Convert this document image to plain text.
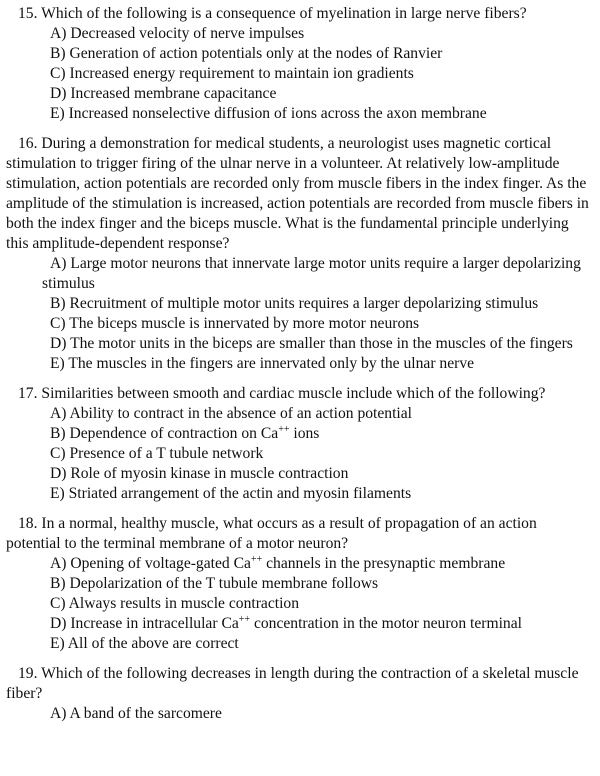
15. Which of the following is a consequence of myelination in large nerve fibers?

A) Decreased velocity of nerve impulses

B) Generation of action potentials only at the nodes of Ranvier

C) Increased energy requirement to maintain ion gradients

D) Increased membrane capacitance

E) Increased nonselective diffusion of ions across the axon membrane

16. During a demonstration for medical students, a neurologist uses magnetic cortical stimulation to trigger firing of the ulnar nerve in a volunteer. At relatively low-amplitude stimulation, action potentials are recorded only from muscle fibers in the index finger. As the amplitude of the stimulation is increased, action potentials are recorded from muscle fibers in both the index finger and the biceps muscle. What is the fundamental principle underlying this amplitude-dependent response?

A) Large motor neurons that innervate large motor units require a larger depolarizing stimulus

B) Recruitment of multiple motor units requires a larger depolarizing stimulus

C) The biceps muscle is innervated by more motor neurons

D) The motor units in the biceps are smaller than those in the muscles of the fingers

E) The muscles in the fingers are innervated only by the ulnar nerve

17. Similarities between smooth and cardiac muscle include which of the following?

A) Ability to contract in the absence of an action potential

B) Dependence of contraction on Ca++ ions

C) Presence of a T tubule network

D) Role of myosin kinase in muscle contraction

E) Striated arrangement of the actin and myosin filaments

18. In a normal, healthy muscle, what occurs as a result of propagation of an action potential to the terminal membrane of a motor neuron?

A) Opening of voltage-gated Ca++ channels in the presynaptic membrane

B) Depolarization of the T tubule membrane follows

C) Always results in muscle contraction

D) Increase in intracellular Ca++ concentration in the motor neuron terminal

E) All of the above are correct

19. Which of the following decreases in length during the contraction of a skeletal muscle fiber?

A) A band of the sarcomere
